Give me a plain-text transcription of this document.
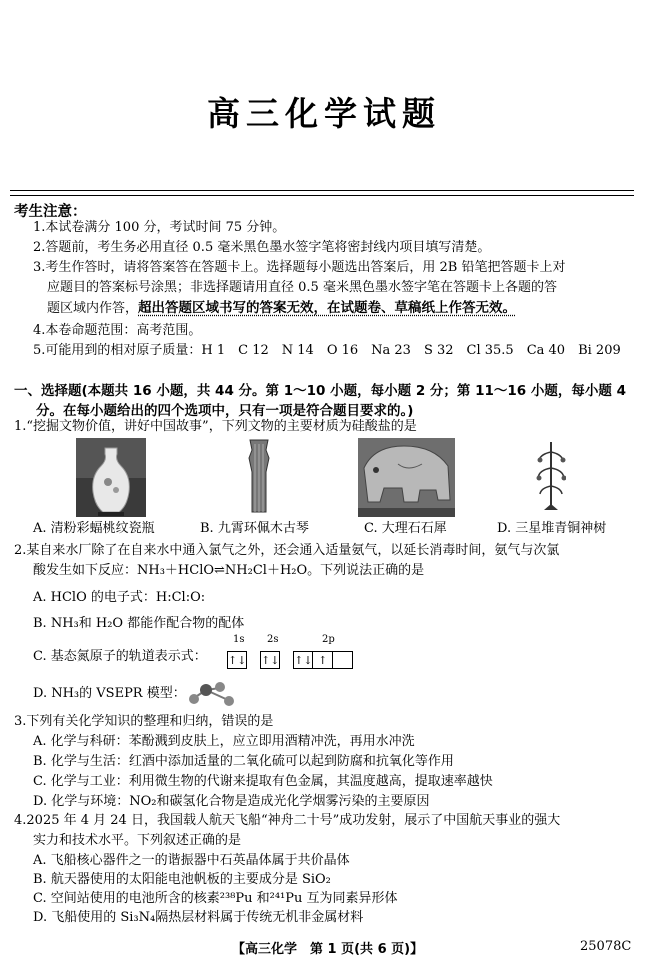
高三化学试题
考生注意：
1.本试卷满分 100 分，考试时间 75 分钟。
2.答题前，考生务必用直径 0.5 毫米黑色墨水签字笔将密封线内项目填写清楚。
3.考生作答时，请将答案答在答题卡上。选择题每小题选出答案后，用 2B 铅笔把答题卡上对
应题目的答案标号涂黑；非选择题请用直径 0.5 毫米黑色墨水签字笔在答题卡上各题的答
题区域内作答，超出答题区域书写的答案无效，在试题卷、草稿纸上作答无效。
4.本卷命题范围：高考范围。
5.可能用到的相对原子质量：H 1　C 12　N 14　O 16　Na 23　S 32　Cl 35.5　Ca 40　Bi 209
一、选择题(本题共 16 小题，共 44 分。第 1～10 小题，每小题 2 分；第 11～16 小题，每小题 4
分。在每小题给出的四个选项中，只有一项是符合题目要求的。)
1.“挖掘文物价值，讲好中国故事”，下列文物的主要材质为硅酸盐的是
A. 清粉彩蝠桃纹瓷瓶	B. 九霄环佩木古琴	C. 大理石石犀	D. 三星堆青铜神树
2.某自来水厂除了在自来水中通入氯气之外，还会通入适量氨气，以延长消毒时间，氨气与次氯
酸发生如下反应：NH₃＋HClO⇌NH₂Cl＋H₂O。下列说法正确的是
A. HClO 的电子式：H:Cl:O:
B. NH₃和 H₂O 都能作配合物的配体
C. 基态氮原子的轨道表示式：
1s 2s	2p
↑↓
↑↓
↑↓ ↑
D. NH₃的 VSEPR 模型：
3.下列有关化学知识的整理和归纳，错误的是
A. 化学与科研：苯酚溅到皮肤上，应立即用酒精冲洗，再用水冲洗
B. 化学与生活：红酒中添加适量的二氧化硫可以起到防腐和抗氧化等作用
C. 化学与工业：利用微生物的代谢来提取有色金属，其温度越高，提取速率越快
D. 化学与环境：NO₂和碳氢化合物是造成光化学烟雾污染的主要原因
4.2025 年 4 月 24 日，我国载人航天飞船“神舟二十号”成功发射，展示了中国航天事业的强大
实力和技术水平。下列叙述正确的是
A. 飞船核心器件之一的谐振器中石英晶体属于共价晶体
B. 航天器使用的太阳能电池帆板的主要成分是 SiO₂
C. 空间站使用的电池所含的核素²³⁸Pu 和²⁴¹Pu 互为同素异形体
D. 飞船使用的 Si₃N₄隔热层材料属于传统无机非金属材料
【高三化学　第 1 页(共 6 页)】	25078C
